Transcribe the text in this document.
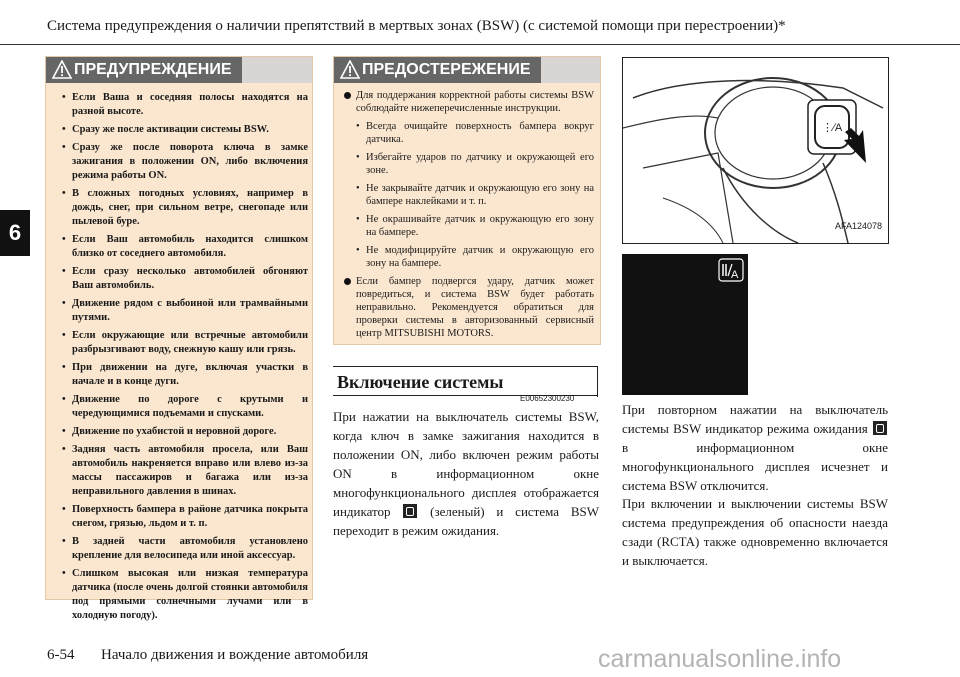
Система предупреждения о наличии препятствий в мертвых зонах (BSW) (с системой помощи при перестроении)*
6
ПРЕДУПРЕЖДЕНИЕ
• Если Ваша и соседняя полосы находятся на разной высоте.
• Сразу же после активации системы BSW.
• Сразу же после поворота ключа в замке зажигания в положении ON, либо включения режима работы ON.
• В сложных погодных условиях, например в дождь, снег, при сильном ветре, снегопаде или пылевой буре.
• Если Ваш автомобиль находится слишком близко от соседнего автомобиля.
• Если сразу несколько автомобилей обгоняют Ваш автомобиль.
• Движение рядом с выбоиной или трамвайными путями.
• Если окружающие или встречные автомобили разбрызгивают воду, снежную кашу или грязь.
• При движении на дуге, включая участки в начале и в конце дуги.
• Движение по дороге с крутыми и чередующимися подъемами и спусками.
• Движение по ухабистой и неровной дороге.
• Задняя часть автомобиля просела, или Ваш автомобиль накреняется вправо или влево из-за массы пассажиров и багажа или из-за неправильного давления в шинах.
• Поверхность бампера в районе датчика покрыта снегом, грязью, льдом и т. п.
• В задней части автомобиля установлено крепление для велосипеда или иной аксессуар.
• Слишком высокая или низкая температура датчика (после очень долгой стоянки автомобиля под прямыми солнечными лучами или в холодную погоду).
ПРЕДОСТЕРЕЖЕНИЕ
Для поддержания корректной работы системы BSW соблюдайте нижеперечисленные инструкции.
• Всегда очищайте поверхность бампера вокруг датчика.
• Избегайте ударов по датчику и окружающей его зоне.
• Не закрывайте датчик и окружающую его зону на бампере наклейками и т. п.
• Не окрашивайте датчик и окружающую его зону на бампере.
• Не модифицируйте датчик и окружающую его зону на бампере.
Если бампер подвергся удару, датчик может повредиться, и система BSW будет работать неправильно. Рекомендуется обратиться для проверки системы в авторизованный сервисный центр MITSUBISHI MOTORS.
Включение системы
E00652300230
При нажатии на выключатель системы BSW, когда ключ в замке зажигания находится в положении ON, либо включен режим работы ON в информационном окне многофункционального дисплея отображается индикатор	(зеленый) и система BSW переходит в режим ожидания.
⋮∕A
AFA124078
A
При повторном нажатии на выключатель системы BSW индикатор режима ожидания  в информационном окне многофункционального дисплея исчезнет и система BSW отключится.
При включении и выключении системы BSW система предупреждения об опасности наезда сзади (RCTA) также одновременно включается и выключается.
6-54 Начало движения и вождение автомобиля	carmanualsonline.info
